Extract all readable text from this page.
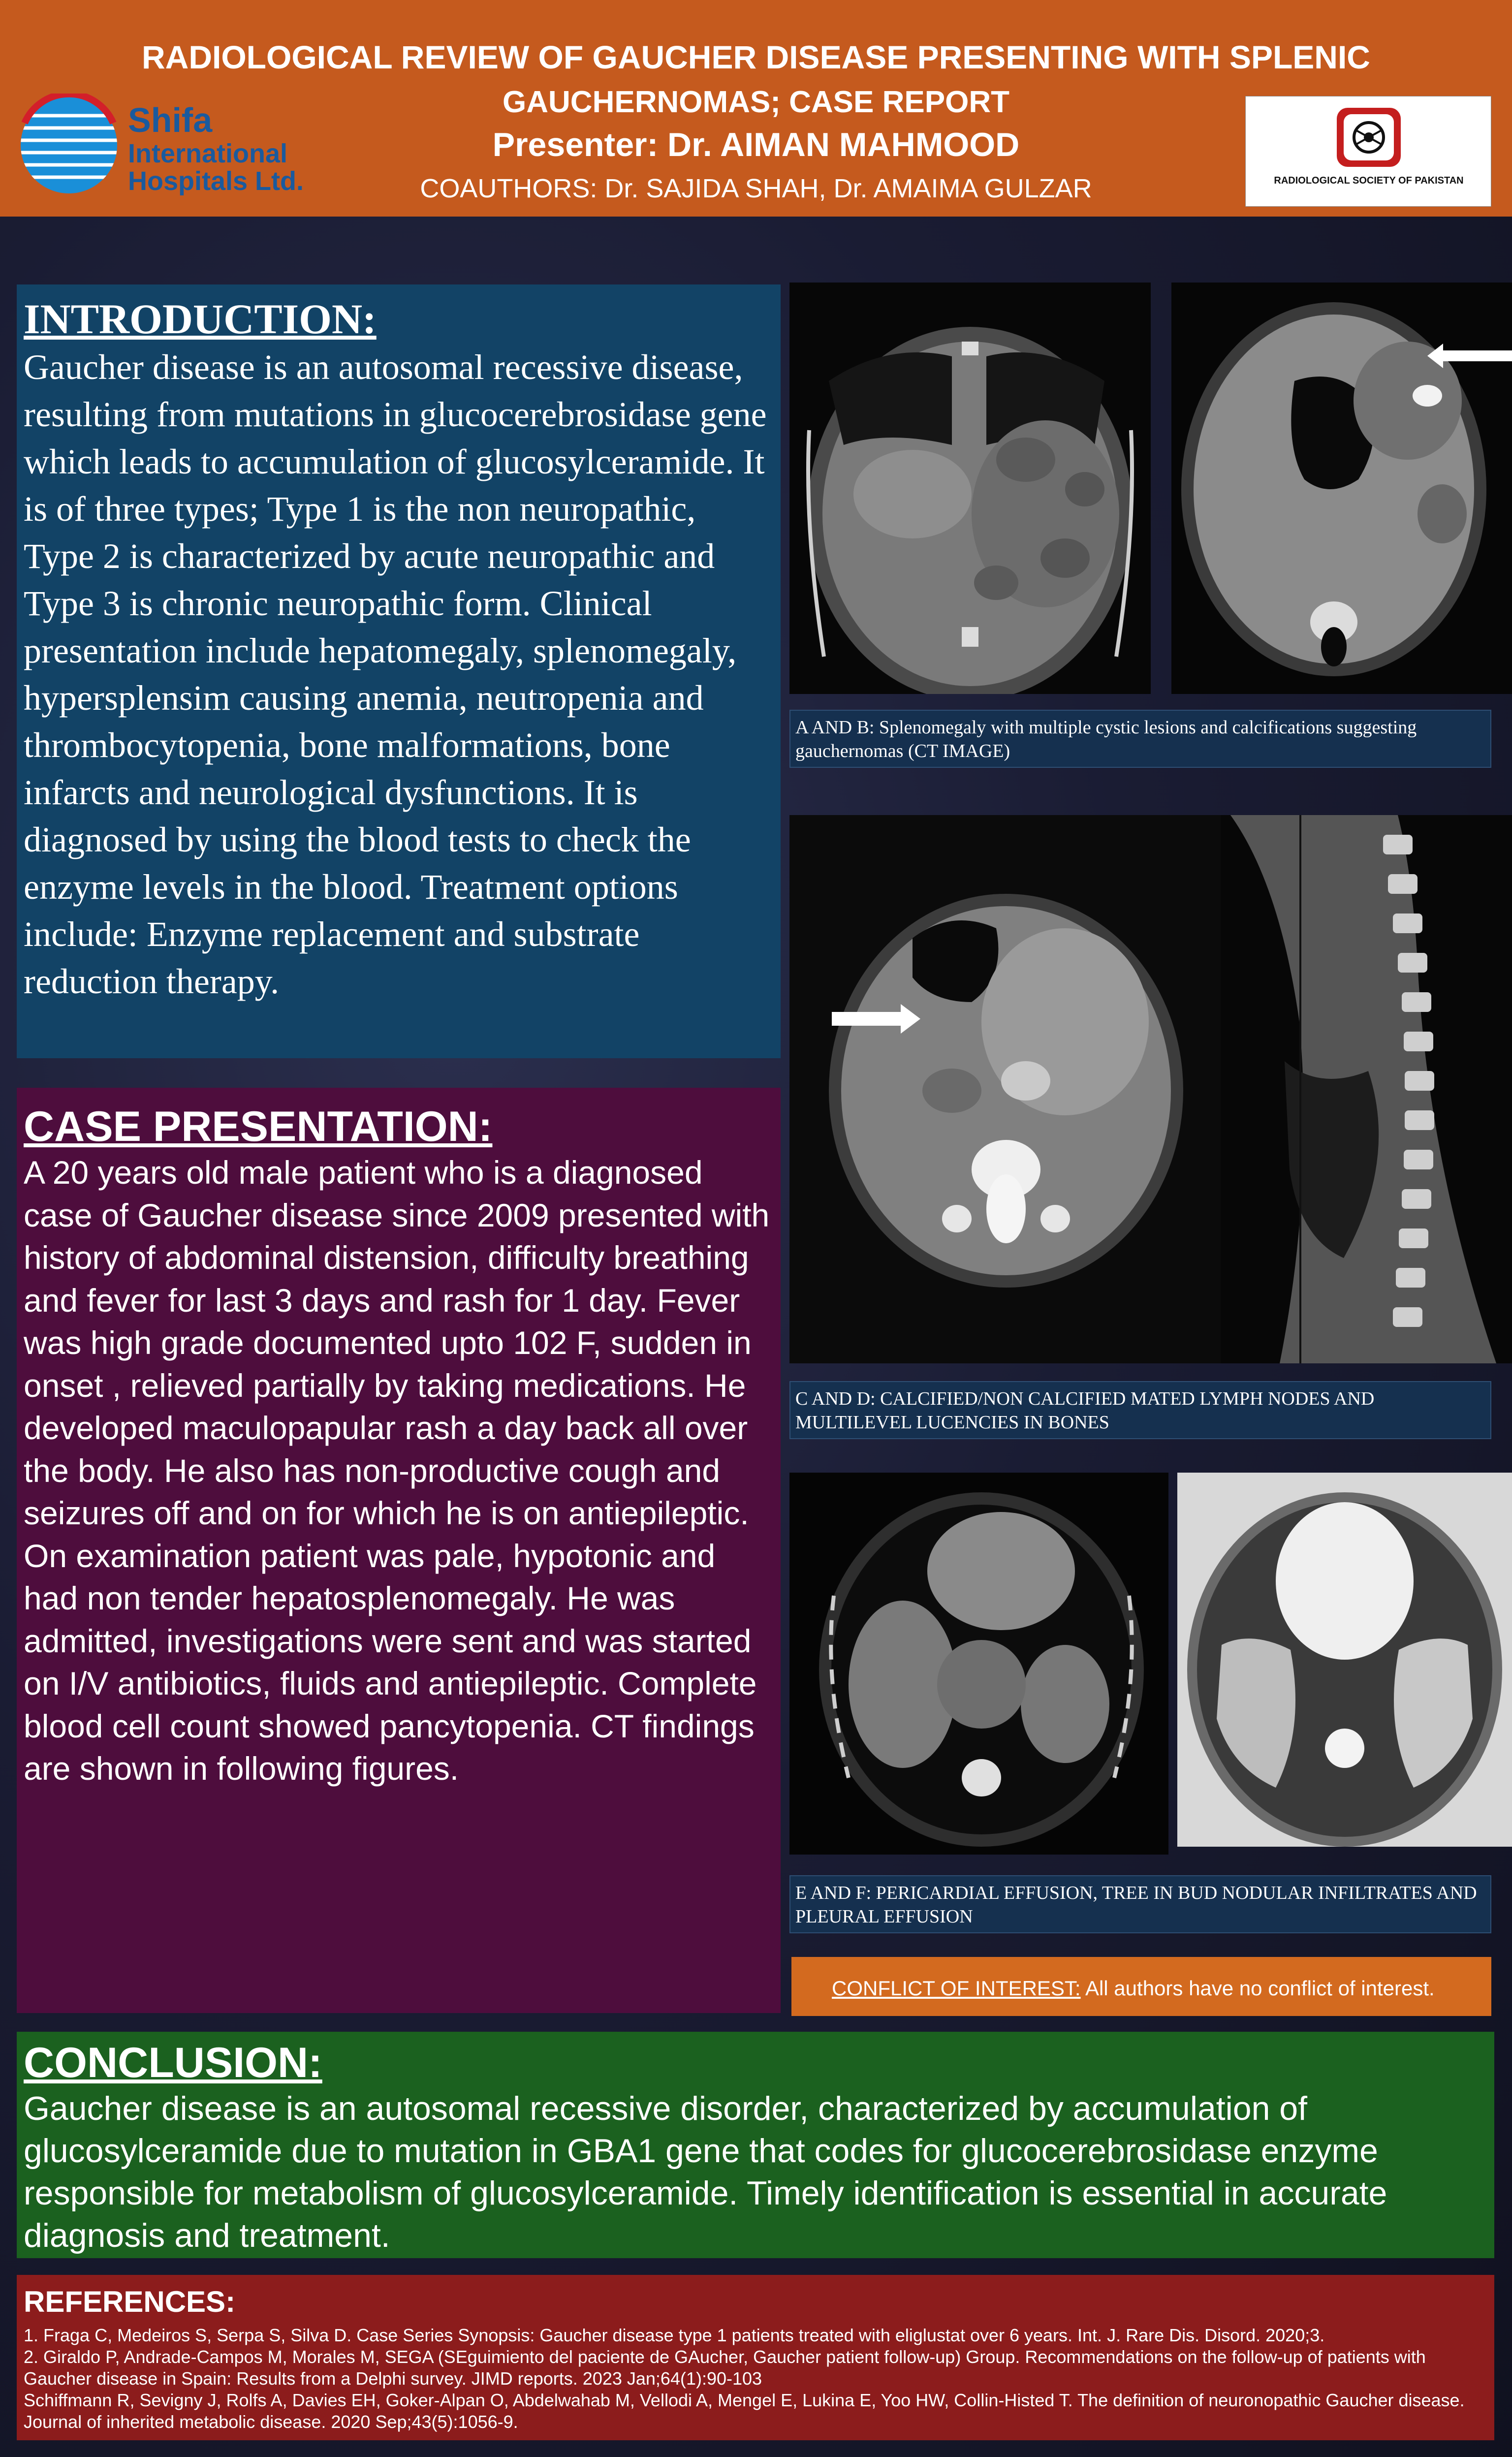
RADIOLOGICAL REVIEW OF GAUCHER DISEASE PRESENTING WITH SPLENIC
GAUCHERNOMAS; CASE REPORT
Presenter: Dr. AIMAN MAHMOOD
COAUTHORS: Dr. SAJIDA SHAH, Dr. AMAIMA GULZAR
Shifa
International
Hospitals Ltd.	RADIOLOGICAL SOCIETY OF PAKISTAN
INTRODUCTION:

Gaucher disease is an autosomal recessive disease, resulting from mutations in glucocerebrosidase gene which leads to accumulation of glucosylceramide. It is of three types; Type 1 is the non neuropathic, Type 2 is characterized by acute neuropathic and Type 3 is chronic neuropathic form. Clinical presentation include hepatomegaly, splenomegaly, hypersplensim causing anemia, neutropenia and thrombocytopenia, bone malformations, bone infarcts and neurological dysfunctions. It is diagnosed by using the blood tests to check the enzyme levels in the blood. Treatment options include: Enzyme replacement and substrate reduction therapy.

CASE PRESENTATION:

A 20 years old male patient who is a diagnosed case of Gaucher disease since 2009 presented with history of abdominal distension, difficulty breathing and fever for last 3 days and rash for 1 day. Fever was high grade documented upto 102 F, sudden in onset , relieved partially by taking medications. He developed maculopapular rash a day back all over the body. He also has non-productive cough and seizures off and on for which he is on antiepileptic. On examination patient was pale, hypotonic and had non tender hepatosplenomegaly. He was admitted, investigations were sent and was started on I/V antibiotics, fluids and antiepileptic. Complete blood cell count showed pancytopenia. CT findings are shown in following figures.

A AND B: Splenomegaly with multiple cystic lesions and calcifications suggesting gauchernomas (CT IMAGE)
C AND D: CALCIFIED/NON CALCIFIED MATED LYMPH NODES AND MULTILEVEL LUCENCIES IN BONES
E AND F: PERICARDIAL EFFUSION, TREE IN BUD NODULAR INFILTRATES AND PLEURAL EFFUSION
CONFLICT OF INTEREST: All authors have no conflict of interest.
CONCLUSION:

Gaucher disease is an autosomal recessive disorder, characterized by accumulation of glucosylceramide due to mutation in GBA1 gene that codes for glucocerebrosidase enzyme responsible for metabolism of glucosylceramide. Timely identification is essential in accurate diagnosis and treatment.

REFERENCES:
1. Fraga C, Medeiros S, Serpa S, Silva D. Case Series Synopsis: Gaucher disease type 1 patients treated with eliglustat over 6 years. Int. J. Rare Dis. Disord. 2020;3.
2. Giraldo P, Andrade-Campos M, Morales M, SEGA (SEguimiento del paciente de GAucher, Gaucher patient follow-up) Group. Recommendations on the follow-up of patients with Gaucher disease in Spain: Results from a Delphi survey. JIMD reports. 2023 Jan;64(1):90-103
Schiffmann R, Sevigny J, Rolfs A, Davies EH, Goker-Alpan O, Abdelwahab M, Vellodi A, Mengel E, Lukina E, Yoo HW, Collin-Histed T. The definition of neuronopathic Gaucher disease. Journal of inherited metabolic disease. 2020 Sep;43(5):1056-9.
